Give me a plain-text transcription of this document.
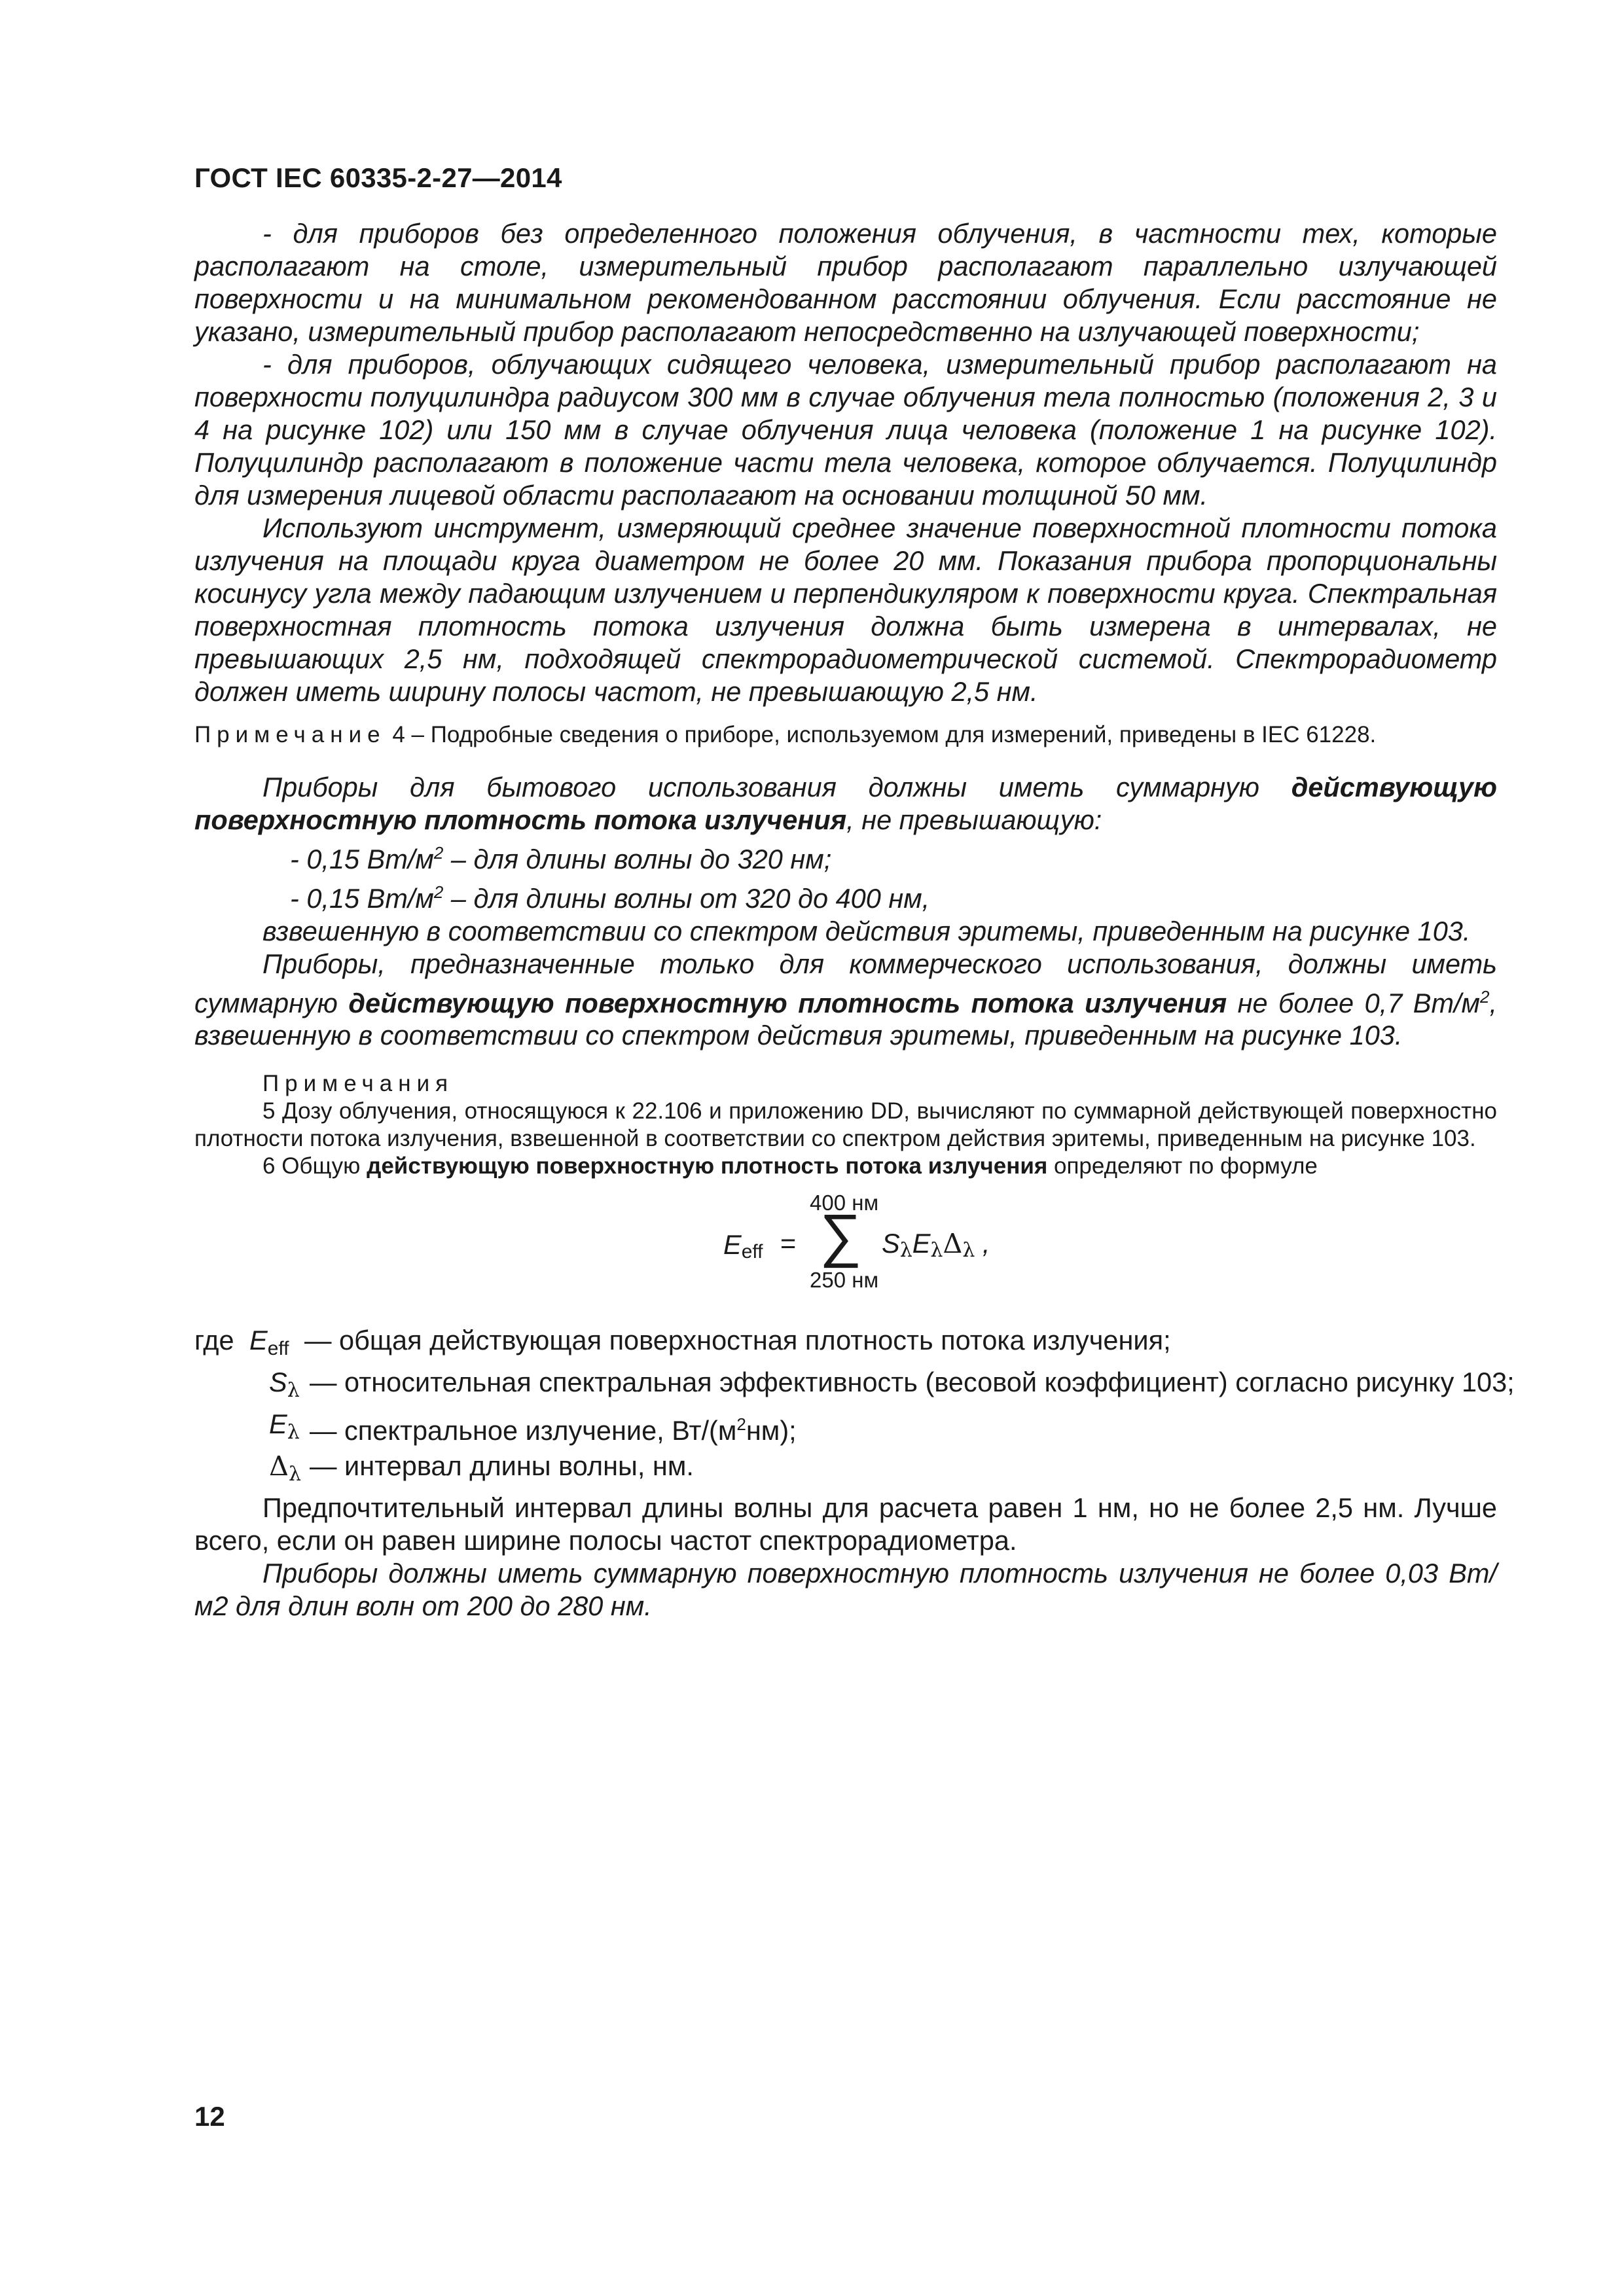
ГОСТ IEC 60335-2-27—2014

- для приборов без определенного положения облучения, в частности тех, которые располагают на столе, измерительный прибор располагают параллельно излучающей поверхности и на минимальном рекомендованном расстоянии облучения. Если расстояние не указано, измерительный прибор располагают непосредственно на излучающей поверхности;

- для приборов, облучающих сидящего человека, измерительный прибор располагают на поверхности полуцилиндра радиусом 300 мм в случае облучения тела полностью (положения 2, 3 и 4 на рисунке 102) или 150 мм в случае облучения лица человека (положение 1 на рисунке 102). Полуцилиндр располагают в положение части тела человека, которое облучается. Полуцилиндр для измерения лицевой области располагают на основании толщиной 50 мм.

Используют инструмент, измеряющий среднее значение поверхностной плотности потока излучения на площади круга диаметром не более 20 мм. Показания прибора пропорциональны косинусу угла между падающим излучением и перпендикуляром к поверхности круга. Спектральная поверхностная плотность потока излучения должна быть измерена в интервалах, не превышающих 2,5 нм, подходящей спектрорадиометрической системой. Спектрорадиометр должен иметь ширину полосы частот, не превышающую 2,5 нм.

Примечание 4 – Подробные сведения о приборе, используемом для измерений, приведены в IEC 61228.

Приборы для бытового использования должны иметь суммарную действующую поверхностную плотность потока излучения, не превышающую:

- 0,15 $Вт/м^2$ – для длины волны до 320 нм;

- 0,15 $Вт/м^2$ – для длины волны от 320 до 400 нм,

взвешенную в соответствии со спектром действия эритемы, приведенным на рисунке 103.

Приборы, предназначенные только для коммерческого использования, должны иметь суммарную действующую поверхностную плотность потока излучения не более 0,7 $Вт/м^2$, взвешенную в соответствии со спектром действия эритемы, приведенным на рисунке 103.

Примечания

5 Дозу облучения, относящуюся к 22.106 и приложению DD, вычисляют по суммарной действующей поверхностно плотности потока излучения, взвешенной в соответствии со спектром действия эритемы, приведенным на рисунке 103.

6 Общую действующую поверхностную плотность потока излучения определяют по формуле

$E_{eff}$ =
400 нм
∑
250 нм
SλEλΔλ ,
где $E_{eff}$ — общая действующая поверхностная плотность потока излучения;
Sλ — относительная спектральная эффективность (весовой коэффициент) согласно рисунку 103;
Eλ — спектральное излучение, $Вт/(м^2нм)$;
Δλ — интервал длины волны, нм.

Предпочтительный интервал длины волны для расчета равен 1 нм, но не более 2,5 нм. Лучше всего, если он равен ширине полосы частот спектрорадиометра.

Приборы должны иметь суммарную поверхностную плотность излучения не более 0,03 Вт/м2 для длин волн от 200 до 280 нм.

12
